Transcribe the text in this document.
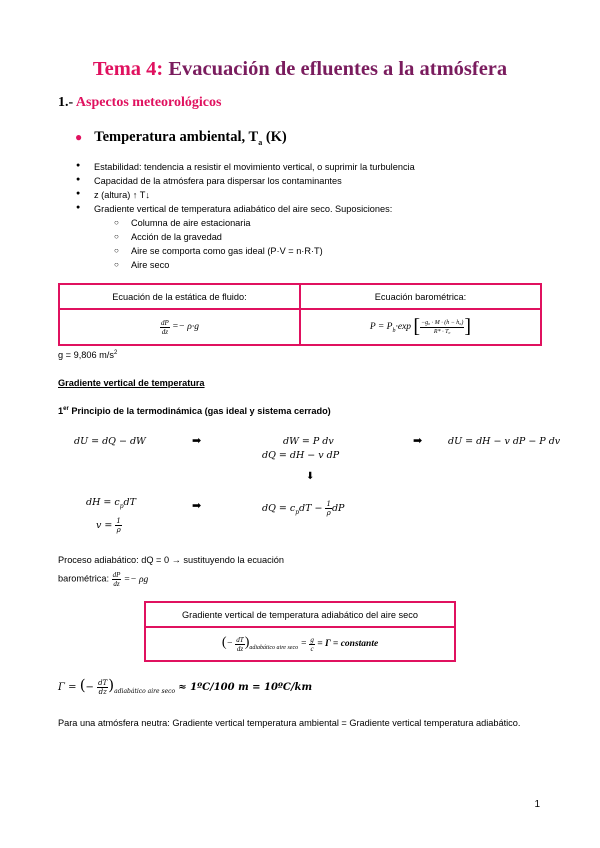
Tema 4: Evacuación de efluentes a la atmósfera
1.- Aspectos meteorológicos
● Temperatura ambiental, $T_a$ (K)
● Estabilidad: tendencia a resistir el movimiento vertical, o suprimir la turbulencia
● Capacidad de la atmósfera para dispersar los contaminantes
● z (altura) ↑ T↓
● Gradiente vertical de temperatura adiabático del aire seco. Suposiciones:
○ Columna de aire estacionaria
○ Acción de la gravedad
○ Aire se comporta como gas ideal (P·V = n·R·T)
○ Aire seco
Ecuación de la estática de fluido:	Ecuación barométrica:

$\frac{dP}{dz} =- \rho\cdot g$	$P = P_b\cdot\exp$ [ $\frac{\text{−g₀ · M · (h − h₀)}}{\text{R* · T₀}}$ ]
g = 9,806 $m/s^2$
Gradiente vertical de temperatura
1er Principio de la termodinámica (gas ideal y sistema cerrado)
dU = dQ − dW	➡	dW = P dv
dQ = dH − v dP
➡	dU = dH − v dP − P dv
⬇
dH = $c_pdT$
$v = \frac{1}{\rho}$
➡	dQ = $c_pdT - \frac{1}{\rho}$ dP
Proceso adiabático: dQ = 0 → sustituyendo la ecuación
barométrica: $\frac{dP}{dz} =- \rho g$
Gradiente vertical de temperatura adiabático del aire seco
(− $\frac{dT}{dz} )_{adiabático aire seco} = \frac{g}{c} = \Gamma$ = constante
Γ = (− $\frac{dT}{dz} )_{adiabático aire seco}$ ≈ 1ºC/100 m = 10ºC/km
Para una atmósfera neutra: Gradiente vertical temperatura ambiental = Gradiente vertical temperatura adiabático.
1
